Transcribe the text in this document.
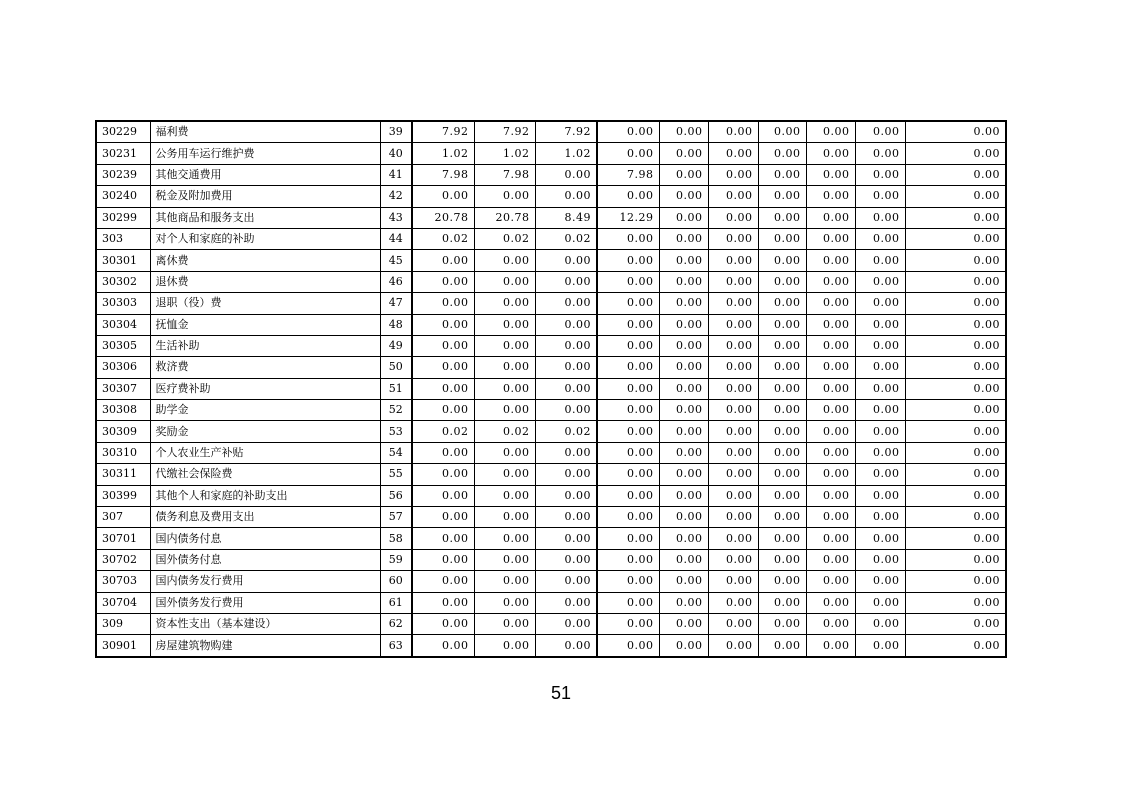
30229	福利费	39	7.92	7.92	7.92	0.00	0.00	0.00	0.00	0.00	0.00	0.00
30231	公务用车运行维护费	40	1.02	1.02	1.02	0.00	0.00	0.00	0.00	0.00	0.00	0.00
30239	其他交通费用	41	7.98	7.98	0.00	7.98	0.00	0.00	0.00	0.00	0.00	0.00
30240	税金及附加费用	42	0.00	0.00	0.00	0.00	0.00	0.00	0.00	0.00	0.00	0.00
30299	其他商品和服务支出	43	20.78	20.78	8.49	12.29	0.00	0.00	0.00	0.00	0.00	0.00
303	对个人和家庭的补助	44	0.02	0.02	0.02	0.00	0.00	0.00	0.00	0.00	0.00	0.00
30301	离休费	45	0.00	0.00	0.00	0.00	0.00	0.00	0.00	0.00	0.00	0.00
30302	退休费	46	0.00	0.00	0.00	0.00	0.00	0.00	0.00	0.00	0.00	0.00
30303	退职（役）费	47	0.00	0.00	0.00	0.00	0.00	0.00	0.00	0.00	0.00	0.00
30304	抚恤金	48	0.00	0.00	0.00	0.00	0.00	0.00	0.00	0.00	0.00	0.00
30305	生活补助	49	0.00	0.00	0.00	0.00	0.00	0.00	0.00	0.00	0.00	0.00
30306	救济费	50	0.00	0.00	0.00	0.00	0.00	0.00	0.00	0.00	0.00	0.00
30307	医疗费补助	51	0.00	0.00	0.00	0.00	0.00	0.00	0.00	0.00	0.00	0.00
30308	助学金	52	0.00	0.00	0.00	0.00	0.00	0.00	0.00	0.00	0.00	0.00
30309	奖励金	53	0.02	0.02	0.02	0.00	0.00	0.00	0.00	0.00	0.00	0.00
30310	个人农业生产补贴	54	0.00	0.00	0.00	0.00	0.00	0.00	0.00	0.00	0.00	0.00
30311	代缴社会保险费	55	0.00	0.00	0.00	0.00	0.00	0.00	0.00	0.00	0.00	0.00
30399	其他个人和家庭的补助支出	56	0.00	0.00	0.00	0.00	0.00	0.00	0.00	0.00	0.00	0.00
307	债务利息及费用支出	57	0.00	0.00	0.00	0.00	0.00	0.00	0.00	0.00	0.00	0.00
30701	国内债务付息	58	0.00	0.00	0.00	0.00	0.00	0.00	0.00	0.00	0.00	0.00
30702	国外债务付息	59	0.00	0.00	0.00	0.00	0.00	0.00	0.00	0.00	0.00	0.00
30703	国内债务发行费用	60	0.00	0.00	0.00	0.00	0.00	0.00	0.00	0.00	0.00	0.00
30704	国外债务发行费用	61	0.00	0.00	0.00	0.00	0.00	0.00	0.00	0.00	0.00	0.00
309	资本性支出（基本建设）	62	0.00	0.00	0.00	0.00	0.00	0.00	0.00	0.00	0.00	0.00
30901	房屋建筑物购建	63	0.00	0.00	0.00	0.00	0.00	0.00	0.00	0.00	0.00	0.00
51
